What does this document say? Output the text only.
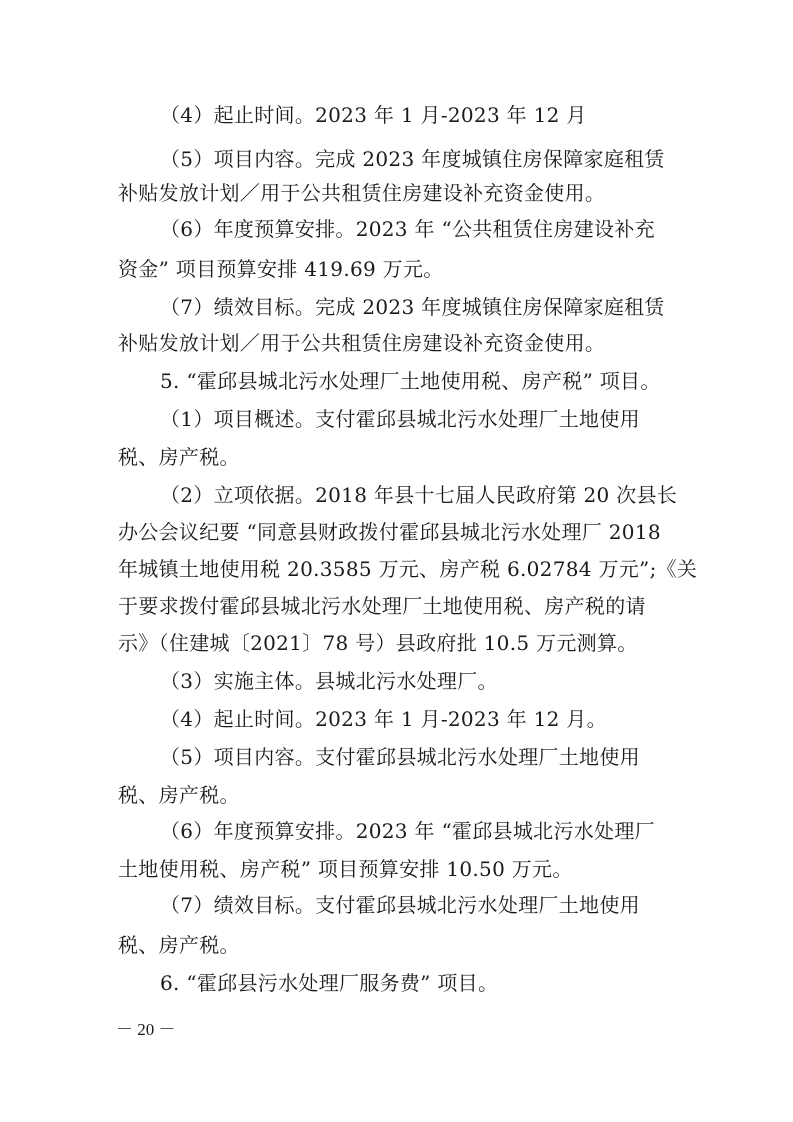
（4）起止时间。2023 年 1 月-2023 年 12 月
（5）项目内容。完成 2023 年度城镇住房保障家庭租赁
补贴发放计划／用于公共租赁住房建设补充资金使用。
（6）年度预算安排。2023 年 “公共租赁住房建设补充
资金” 项目预算安排 419.69 万元。
（7）绩效目标。完成 2023 年度城镇住房保障家庭租赁
补贴发放计划／用于公共租赁住房建设补充资金使用。
5. “霍邱县城北污水处理厂土地使用税、房产税” 项目。
（1）项目概述。支付霍邱县城北污水处理厂土地使用
税、房产税。
（2）立项依据。2018 年县十七届人民政府第 20 次县长
办公会议纪要 “同意县财政拨付霍邱县城北污水处理厂 2018
年城镇土地使用税 20.3585 万元、房产税 6.02784 万元”;《关
于要求拨付霍邱县城北污水处理厂土地使用税、房产税的请
示》（住建城〔2021〕78 号）县政府批 10.5 万元测算。
（3）实施主体。县城北污水处理厂。
（4）起止时间。2023 年 1 月-2023 年 12 月。
（5）项目内容。支付霍邱县城北污水处理厂土地使用
税、房产税。
（6）年度预算安排。2023 年 “霍邱县城北污水处理厂
土地使用税、房产税” 项目预算安排 10.50 万元。
（7）绩效目标。支付霍邱县城北污水处理厂土地使用
税、房产税。
6. “霍邱县污水处理厂服务费” 项目。
－ 20 －
